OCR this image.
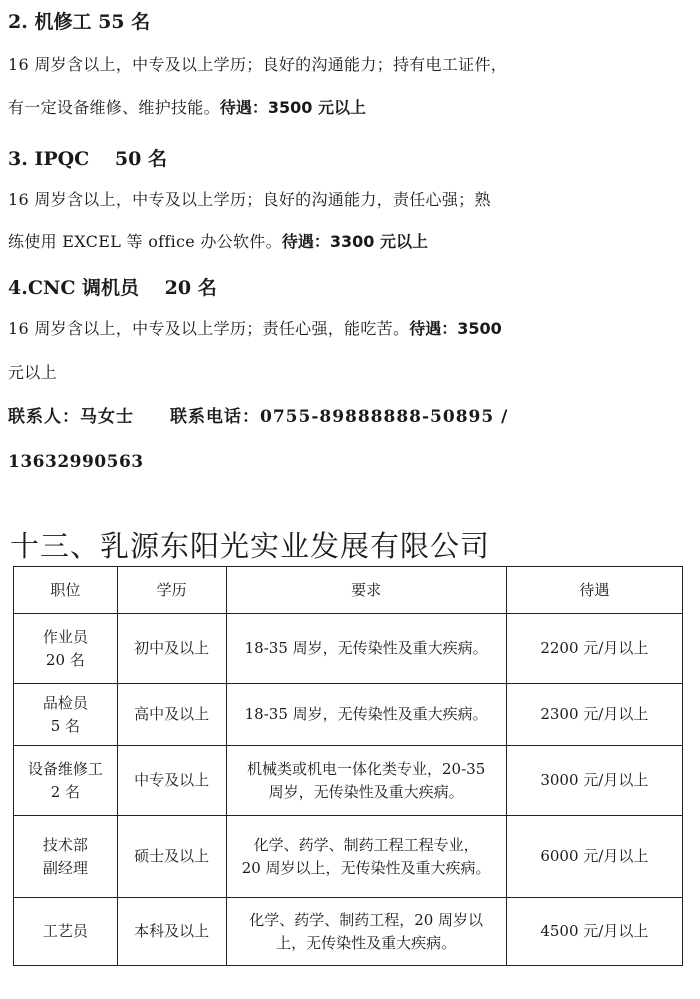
2. 机修工 55 名
16 周岁含以上，中专及以上学历；良好的沟通能力；持有电工证件，
有一定设备维修、维护技能。待遇：3500 元以上
3. IPQC　 50 名
16 周岁含以上，中专及以上学历；良好的沟通能力，责任心强；熟
练使用 EXCEL 等 office 办公软件。待遇：3300 元以上
4.CNC 调机员　 20 名
16 周岁含以上，中专及以上学历；责任心强，能吃苦。待遇：3500
元以上
联系人：马女士 联系电话：0755-89888888-50895 /
13632990563
十三、乳源东阳光实业发展有限公司
职位	学历	要求	待遇
作业员
20 名	初中及以上	18-35 周岁，无传染性及重大疾病。	2200 元/月以上
品检员
5 名	高中及以上	18-35 周岁，无传染性及重大疾病。	2300 元/月以上
设备维修工
2 名	中专及以上	机械类或机电一体化类专业，20-35
周岁，无传染性及重大疾病。	3000 元/月以上
技术部
副经理	硕士及以上	化学、药学、制药工程工程专业，
20 周岁以上，无传染性及重大疾病。	6000 元/月以上
工艺员	本科及以上	化学、药学、制药工程，20 周岁以
上，无传染性及重大疾病。	4500 元/月以上
